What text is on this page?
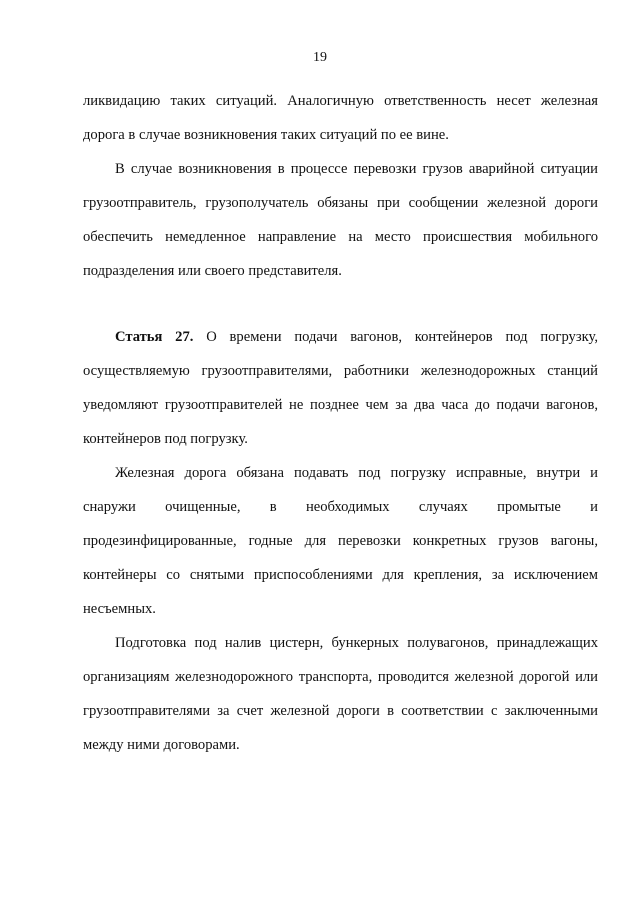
19

ликвидацию таких ситуаций. Аналогичную ответственность несет железная дорога в случае возникновения таких ситуаций по ее вине.

В случае возникновения в процессе перевозки грузов аварийной ситуации грузоотправитель, грузополучатель обязаны при сообщении железной дороги обеспечить немедленное направление на место происшествия мобильного подразделения или своего представителя.

Статья 27. О времени подачи вагонов, контейнеров под погрузку, осуществляемую грузоотправителями, работники железнодорожных станций уведомляют грузоотправителей не позднее чем за два часа до подачи вагонов, контейнеров под погрузку.

Железная дорога обязана подавать под погрузку исправные, внутри и снаружи очищенные, в необходимых случаях промытые и продезинфицированные, годные для перевозки конкретных грузов вагоны, контейнеры со снятыми приспособлениями для крепления, за исключением несъемных.

Подготовка под налив цистерн, бункерных полувагонов, принадлежащих организациям железнодорожного транспорта, проводится железной дорогой или грузоотправителями за счет железной дороги в соответствии с заключенными между ними договорами.
